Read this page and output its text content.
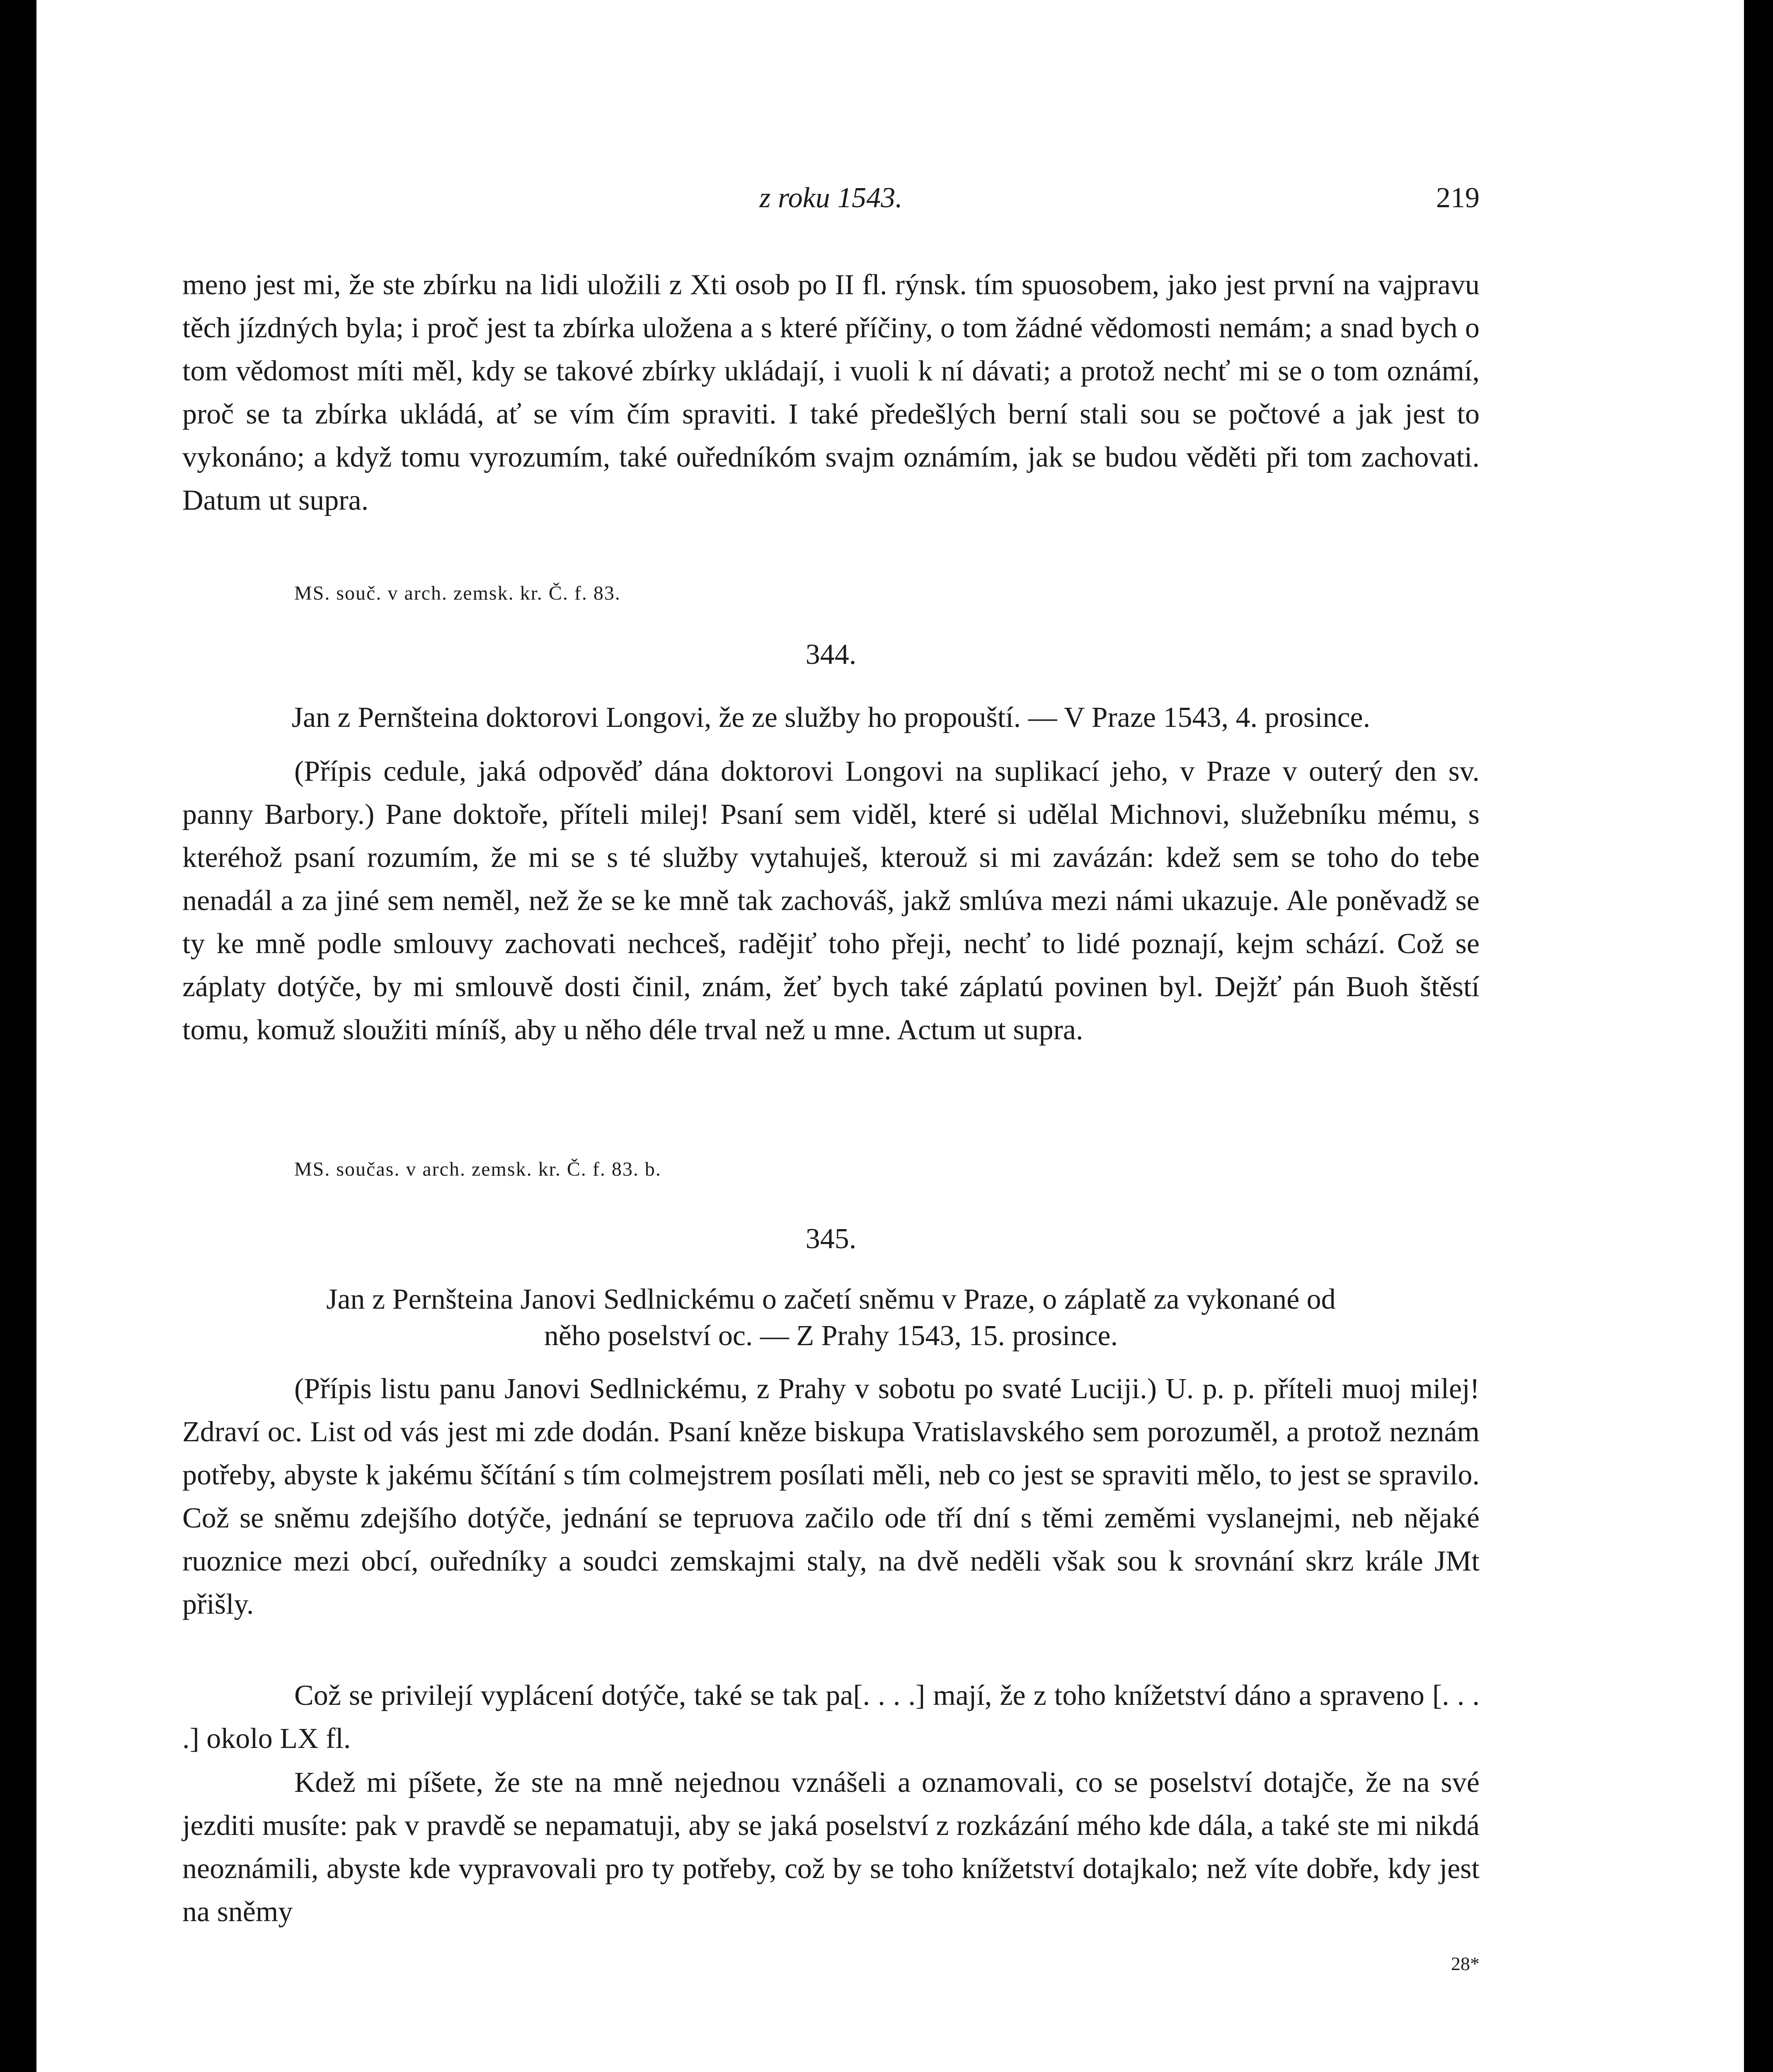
z roku 1543.	219

meno jest mi, že ste zbírku na lidi uložili z Xti osob po II fl. rýnsk. tím spuosobem, jako jest první na vajpravu těch jízdných byla; i proč jest ta zbírka uložena a s které příčiny, o tom žádné vědomosti nemám; a snad bych o tom vědomost míti měl, kdy se takové zbírky ukládají, i vuoli k ní dávati; a protož nechť mi se o tom oznámí, proč se ta zbírka ukládá, ať se vím čím spraviti. I také předešlých berní stali sou se počtové a jak jest to vykonáno; a když tomu vyrozumím, také ouředníkóm svajm oznámím, jak se budou věděti při tom zachovati. Datum ut supra.

MS. souč. v arch. zemsk. kr. Č. f. 83.
344.

Jan z Pernšteina doktorovi Longovi, že ze služby ho propouští. — V Praze 1543, 4. prosince.

(Přípis cedule, jaká odpověď dána doktorovi Longovi na suplikací jeho, v Praze v outerý den sv. panny Barbory.) Pane doktoře, příteli milej! Psaní sem viděl, které si udělal Michnovi, služebníku mému, s kteréhož psaní rozumím, že mi se s té služby vytahuješ, kterouž si mi zavázán: kdež sem se toho do tebe nenadál a za jiné sem neměl, než že se ke mně tak zachováš, jakž smlúva mezi námi ukazuje. Ale poněvadž se ty ke mně podle smlouvy zachovati nechceš, radějiť toho přeji, nechť to lidé poznají, kejm schází. Což se záplaty dotýče, by mi smlouvě dosti činil, znám, žeť bych také záplatú povinen byl. Dejžť pán Buoh štěstí tomu, komuž sloužiti míníš, aby u něho déle trval než u mne. Actum ut supra.

MS. součas. v arch. zemsk. kr. Č. f. 83. b.
345.

Jan z Pernšteina Janovi Sedlnickému o začetí sněmu v Praze, o záplatě za vykonané od
něho poselství oc. — Z Prahy 1543, 15. prosince.

(Přípis listu panu Janovi Sedlnickému, z Prahy v sobotu po svaté Luciji.) U. p. p. příteli muoj milej! Zdraví oc. List od vás jest mi zde dodán. Psaní kněze biskupa Vratislavského sem porozuměl, a protož neznám potřeby, abyste k jakému ščítání s tím colmejstrem posílati měli, neb co jest se spraviti mělo, to jest se spravilo. Což se sněmu zdejšího dotýče, jednání se tepruova začilo ode tří dní s těmi zeměmi vyslanejmi, neb nějaké ruoznice mezi obcí, ouředníky a soudci zemskajmi staly, na dvě neděli však sou k srovnání skrz krále JMt přišly.

Což se privilejí vyplácení dotýče, také se tak pa[. . . .] mají, že z toho knížetství dáno a spraveno [. . . .] okolo LX fl.

Kdež mi píšete, že ste na mně nejednou vznášeli a oznamovali, co se poselství dotajče, že na své jezditi musíte: pak v pravdě se nepamatuji, aby se jaká poselství z rozkázání mého kde dála, a také ste mi nikdá neoznámili, abyste kde vypravovali pro ty potřeby, což by se toho knížetství dotajkalo; než víte dobře, kdy jest na sněmy

28*
